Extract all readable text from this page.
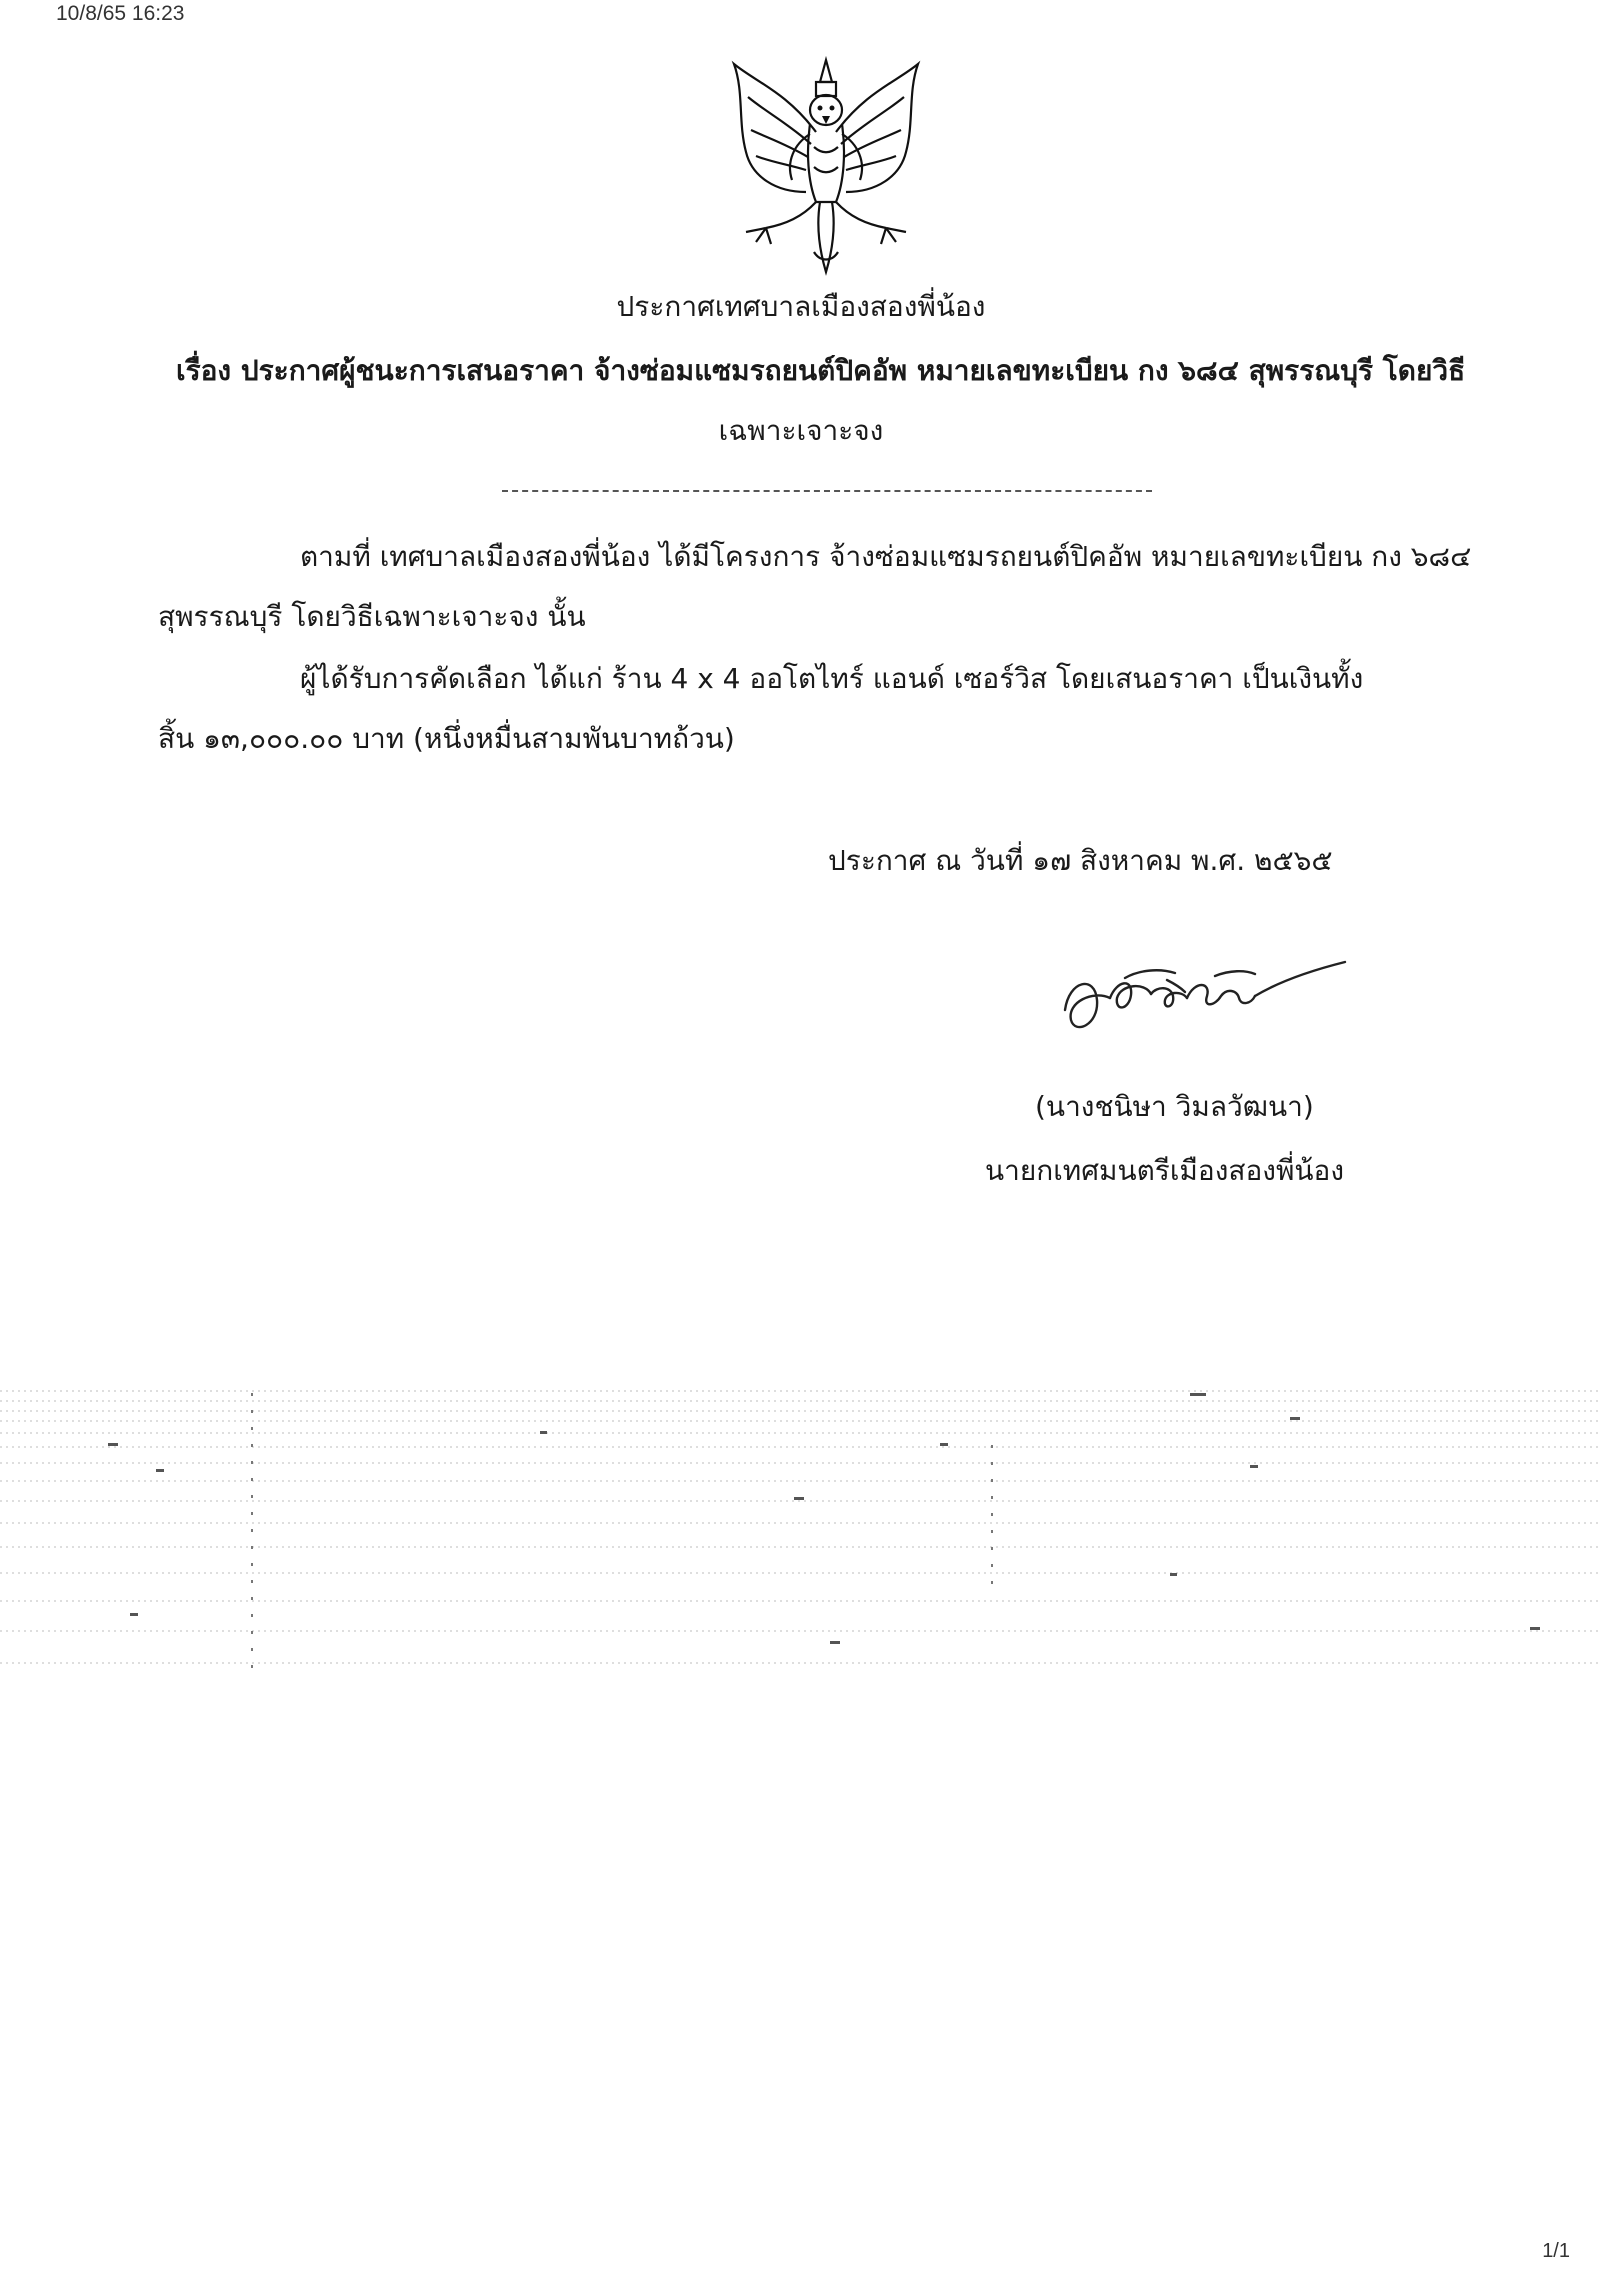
10/8/65 16:23
ประกาศเทศบาลเมืองสองพี่น้อง
เรื่อง ประกาศผู้ชนะการเสนอราคา จ้างซ่อมแซมรถยนต์ปิคอัพ หมายเลขทะเบียน กง ๖๘๔ สุพรรณบุรี โดยวิธี
เฉพาะเจาะจง
ตามที่ เทศบาลเมืองสองพี่น้อง ได้มีโครงการ จ้างซ่อมแซมรถยนต์ปิคอัพ หมายเลขทะเบียน กง ๖๘๔
สุพรรณบุรี โดยวิธีเฉพาะเจาะจง นั้น
ผู้ได้รับการคัดเลือก ได้แก่ ร้าน 4 x 4 ออโตไทร์ แอนด์ เซอร์วิส โดยเสนอราคา เป็นเงินทั้ง
สิ้น ๑๓,๐๐๐.๐๐ บาท (หนึ่งหมื่นสามพันบาทถ้วน)
ประกาศ ณ วันที่ ๑๗ สิงหาคม พ.ศ. ๒๕๖๕
(นางชนิษา วิมลวัฒนา)
นายกเทศมนตรีเมืองสองพี่น้อง
1/1
